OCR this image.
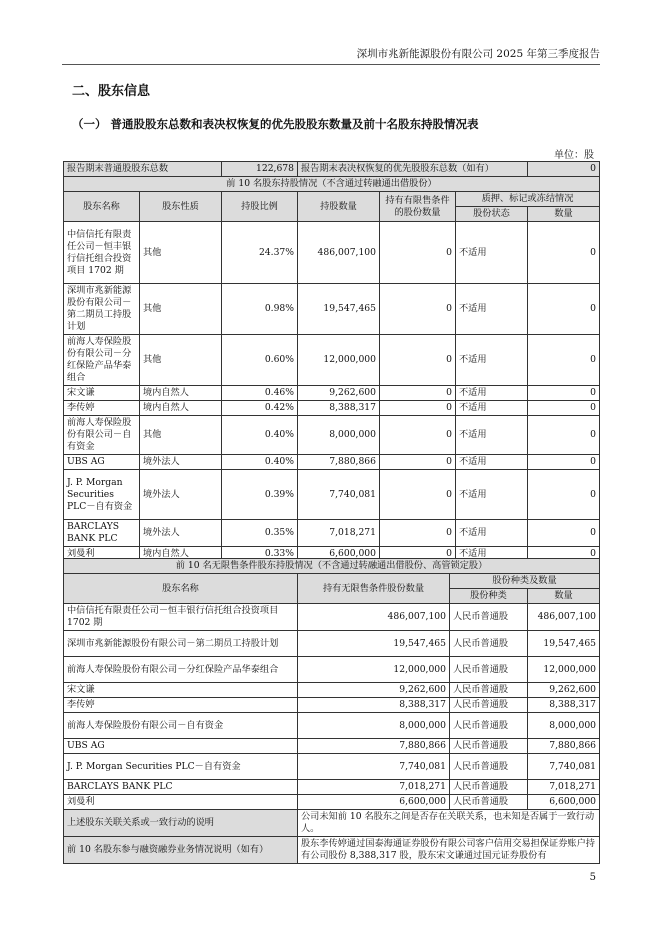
深圳市兆新能源股份有限公司 2025 年第三季度报告
二、股东信息
（一） 普通股股东总数和表决权恢复的优先股股东数量及前十名股东持股情况表
单位：股
报告期末普通股股东总数		122,678	报告期末表决权恢复的优先股股东总数（如有）			0
前 10 名股东持股情况（不含通过转融通出借股份）						
股东名称	股东性质	持股比例	持股数量	持有有限售条件的股份数量	质押、标记或冻结情况	
					股份状态	数量
中信信托有限责任公司－恒丰银行信托组合投资项目 1702 期	其他	24.37%	486,007,100	0	不适用	0
深圳市兆新能源股份有限公司－第二期员工持股计划	其他	0.98%	19,547,465	0	不适用	0
前海人寿保险股份有限公司－分红保险产品华泰组合	其他	0.60%	12,000,000	0	不适用	0
宋文谦	境内自然人	0.46%	9,262,600	0	不适用	0
李传婷	境内自然人	0.42%	8,388,317	0	不适用	0
前海人寿保险股份有限公司－自有资金	其他	0.40%	8,000,000	0	不适用	0
UBS AG	境外法人	0.40%	7,880,866	0	不适用	0
J. P. Morgan Securities PLC－自有资金	境外法人	0.39%	7,740,081	0	不适用	0
BARCLAYS BANK PLC	境外法人	0.35%	7,018,271	0	不适用	0
刘曼利	境内自然人	0.33%	6,600,000	0	不适用	0
前 10 名无限售条件股东持股情况（不含通过转融通出借股份、高管锁定股）			
股东名称	持有无限售条件股份数量	股份种类及数量	
		股份种类	数量
中信信托有限责任公司－恒丰银行信托组合投资项目 1702 期	486,007,100	人民币普通股	486,007,100
深圳市兆新能源股份有限公司－第二期员工持股计划	19,547,465	人民币普通股	19,547,465
前海人寿保险股份有限公司－分红保险产品华泰组合	12,000,000	人民币普通股	12,000,000
宋文谦	9,262,600	人民币普通股	9,262,600
李传婷	8,388,317	人民币普通股	8,388,317
前海人寿保险股份有限公司－自有资金	8,000,000	人民币普通股	8,000,000
UBS AG	7,880,866	人民币普通股	7,880,866
J. P. Morgan Securities PLC－自有资金	7,740,081	人民币普通股	7,740,081
BARCLAYS BANK PLC	7,018,271	人民币普通股	7,018,271
刘曼利	6,600,000	人民币普通股	6,600,000
上述股东关联关系或一致行动的说明	公司未知前 10 名股东之间是否存在关联关系，也未知是否属于一致行动人。		
前 10 名股东参与融资融券业务情况说明（如有）	股东李传婷通过国泰海通证券股份有限公司客户信用交易担保证券账户持有公司股份 8,388,317 股，股东宋文谦通过国元证券股份有		
5
